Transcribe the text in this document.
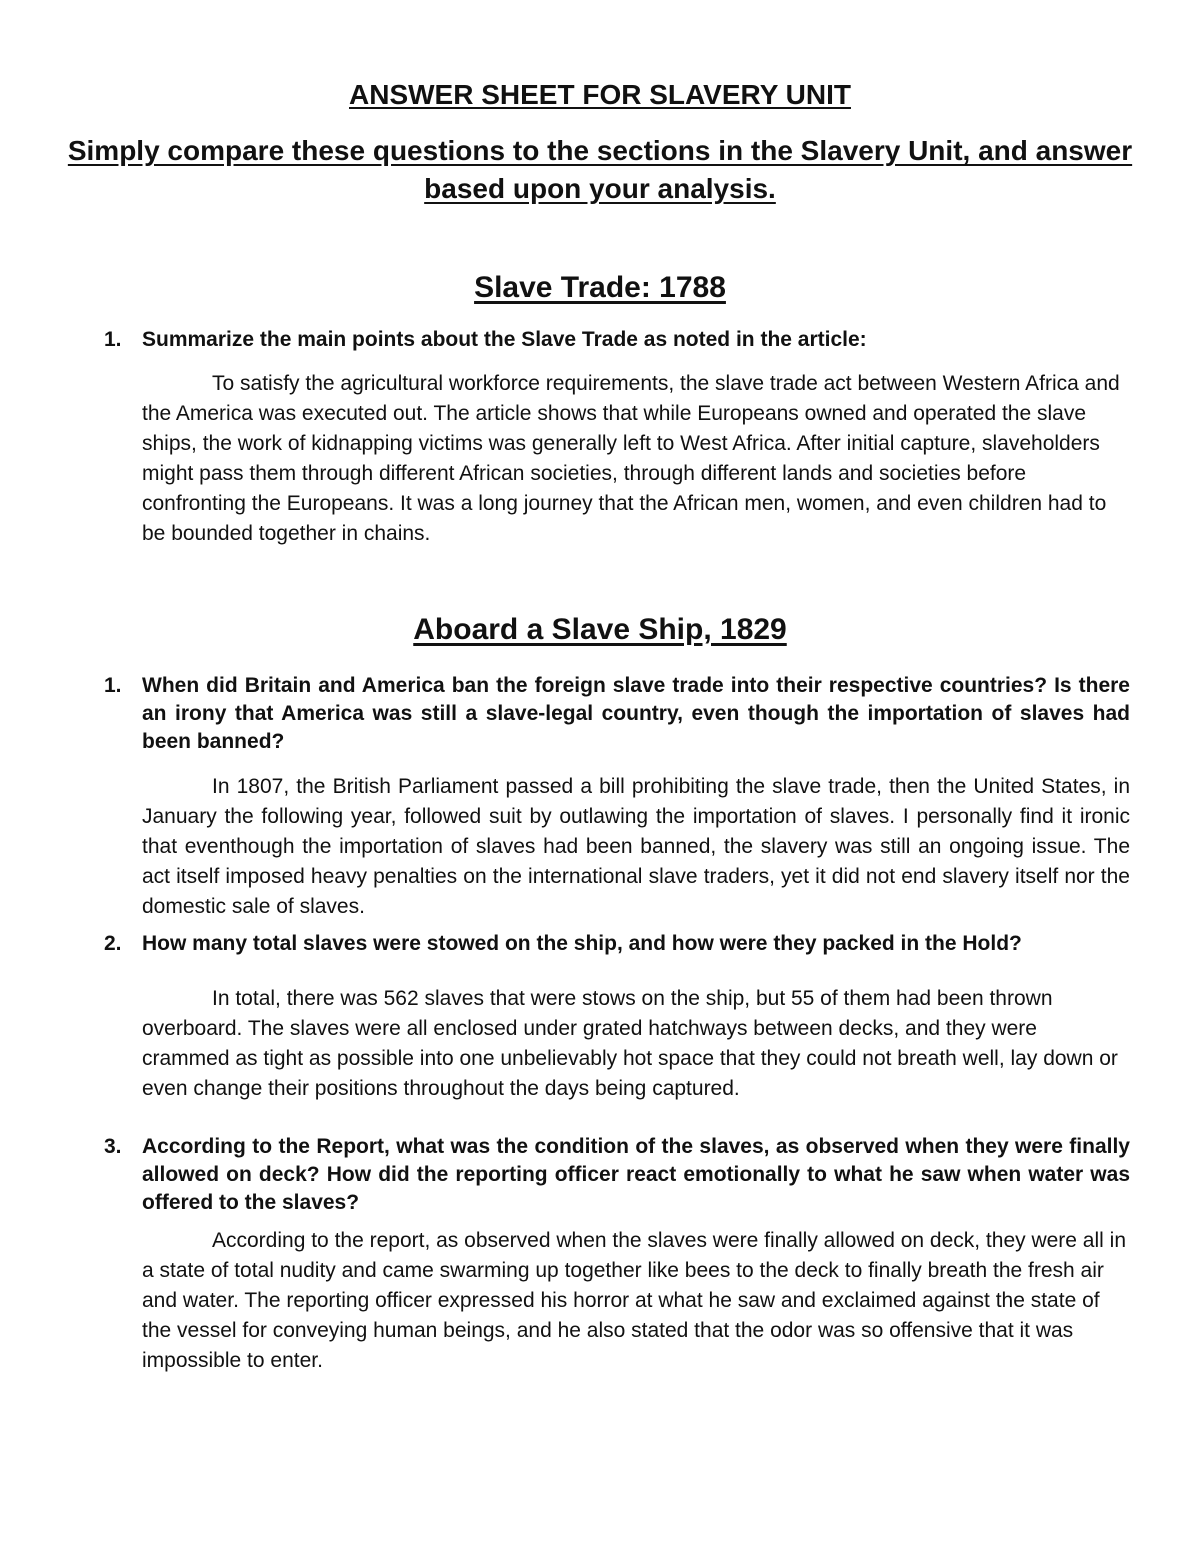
ANSWER SHEET FOR SLAVERY UNIT

Simply compare these questions to the sections in the Slavery Unit, and answer based upon your analysis.

Slave Trade: 1788
1. Summarize the main points about the Slave Trade as noted in the article:

To satisfy the agricultural workforce requirements, the slave trade act between Western Africa and the America was executed out. The article shows that while Europeans owned and operated the slave ships, the work of kidnapping victims was generally left to West Africa. After initial capture, slaveholders might pass them through different African societies, through different lands and societies before confronting the Europeans. It was a long journey that the African men, women, and even children had to be bounded together in chains.

Aboard a Slave Ship, 1829
1. When did Britain and America ban the foreign slave trade into their respective countries? Is there an irony that America was still a slave-legal country, even though the importation of slaves had been banned?

In 1807, the British Parliament passed a bill prohibiting the slave trade, then the United States, in January the following year, followed suit by outlawing the importation of slaves. I personally find it ironic that eventhough the importation of slaves had been banned, the slavery was still an ongoing issue. The act itself imposed heavy penalties on the international slave traders, yet it did not end slavery itself nor the domestic sale of slaves.

2. How many total slaves were stowed on the ship, and how were they packed in the Hold?

In total, there was 562 slaves that were stows on the ship, but 55 of them had been thrown overboard. The slaves were all enclosed under grated hatchways between decks, and they were crammed as tight as possible into one unbelievably hot space that they could not breath well, lay down or even change their positions throughout the days being captured.

3. According to the Report, what was the condition of the slaves, as observed when they were finally allowed on deck? How did the reporting officer react emotionally to what he saw when water was offered to the slaves?

According to the report, as observed when the slaves were finally allowed on deck, they were all in a state of total nudity and came swarming up together like bees to the deck to finally breath the fresh air and water. The reporting officer expressed his horror at what he saw and exclaimed against the state of the vessel for conveying human beings, and he also stated that the odor was so offensive that it was impossible to enter.
